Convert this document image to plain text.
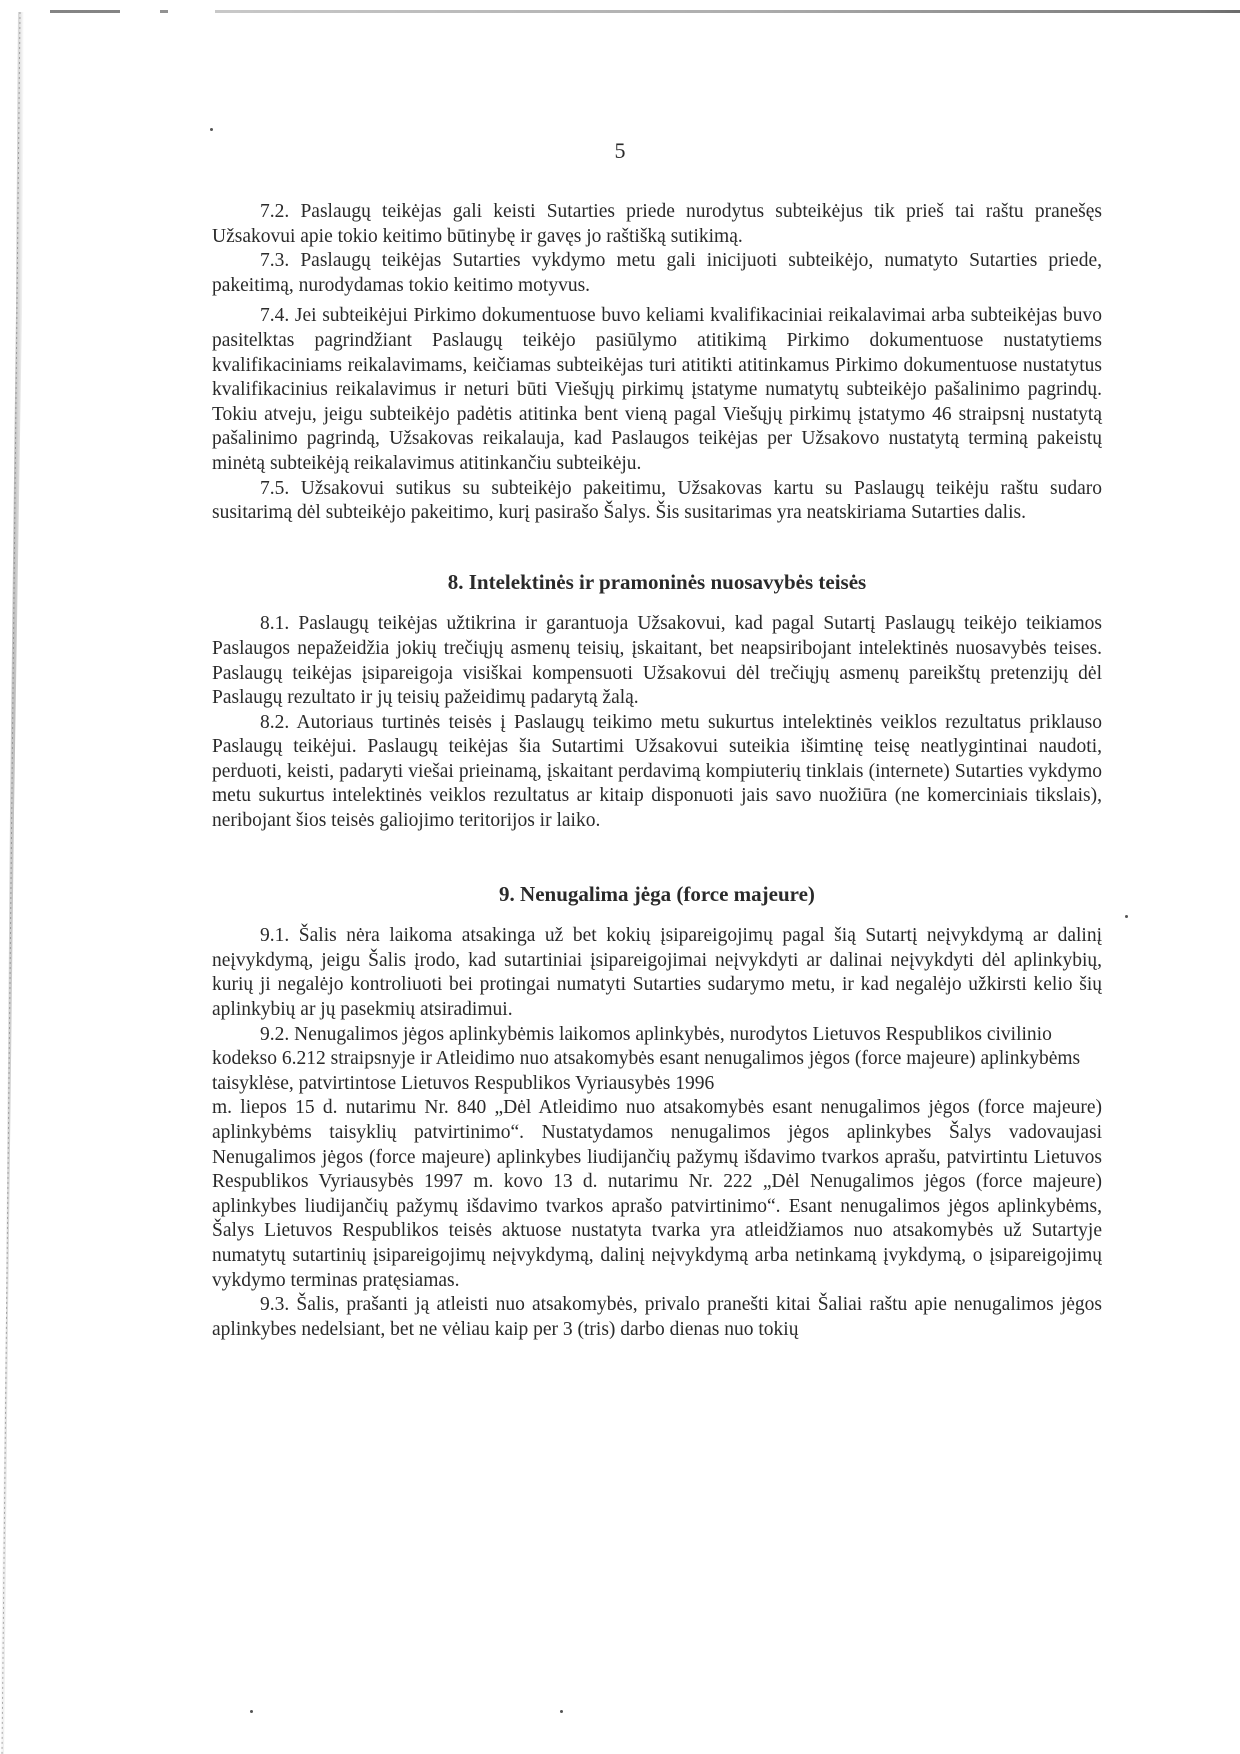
5

7.2. Paslaugų teikėjas gali keisti Sutarties priede nurodytus subteikėjus tik prieš tai raštu pranešęs Užsakovui apie tokio keitimo būtinybę ir gavęs jo raštišką sutikimą.

7.3. Paslaugų teikėjas Sutarties vykdymo metu gali inicijuoti subteikėjo, numatyto Sutarties priede, pakeitimą, nurodydamas tokio keitimo motyvus.

7.4. Jei subteikėjui Pirkimo dokumentuose buvo keliami kvalifikaciniai reikalavimai arba subteikėjas buvo pasitelktas pagrindžiant Paslaugų teikėjo pasiūlymo atitikimą Pirkimo dokumentuose nustatytiems kvalifikaciniams reikalavimams, keičiamas subteikėjas turi atitikti atitinkamus Pirkimo dokumentuose nustatytus kvalifikacinius reikalavimus ir neturi būti Viešųjų pirkimų įstatyme numatytų subteikėjo pašalinimo pagrindų. Tokiu atveju, jeigu subteikėjo padėtis atitinka bent vieną pagal Viešųjų pirkimų įstatymo 46 straipsnį nustatytą pašalinimo pagrindą, Užsakovas reikalauja, kad Paslaugos teikėjas per Užsakovo nustatytą terminą pakeistų minėtą subteikėją reikalavimus atitinkančiu subteikėju.

7.5. Užsakovui sutikus su subteikėjo pakeitimu, Užsakovas kartu su Paslaugų teikėju raštu sudaro susitarimą dėl subteikėjo pakeitimo, kurį pasirašo Šalys. Šis susitarimas yra neatskiriama Sutarties dalis.

8. Intelektinės ir pramoninės nuosavybės teisės

8.1. Paslaugų teikėjas užtikrina ir garantuoja Užsakovui, kad pagal Sutartį Paslaugų teikėjo teikiamos Paslaugos nepažeidžia jokių trečiųjų asmenų teisių, įskaitant, bet neapsiribojant intelektinės nuosavybės teises. Paslaugų teikėjas įsipareigoja visiškai kompensuoti Užsakovui dėl trečiųjų asmenų pareikštų pretenzijų dėl Paslaugų rezultato ir jų teisių pažeidimų padarytą žalą.

8.2. Autoriaus turtinės teisės į Paslaugų teikimo metu sukurtus intelektinės veiklos rezultatus priklauso Paslaugų teikėjui. Paslaugų teikėjas šia Sutartimi Užsakovui suteikia išimtinę teisę neatlygintinai naudoti, perduoti, keisti, padaryti viešai prieinamą, įskaitant perdavimą kompiuterių tinklais (internete) Sutarties vykdymo metu sukurtus intelektinės veiklos rezultatus ar kitaip disponuoti jais savo nuožiūra (ne komerciniais tikslais), neribojant šios teisės galiojimo teritorijos ir laiko.

9. Nenugalima jėga (force majeure)

9.1. Šalis nėra laikoma atsakinga už bet kokių įsipareigojimų pagal šią Sutartį neįvykdymą ar dalinį neįvykdymą, jeigu Šalis įrodo, kad sutartiniai įsipareigojimai neįvykdyti ar dalinai neįvykdyti dėl aplinkybių, kurių ji negalėjo kontroliuoti bei protingai numatyti Sutarties sudarymo metu, ir kad negalėjo užkirsti kelio šių aplinkybių ar jų pasekmių atsiradimui.

9.2. Nenugalimos jėgos aplinkybėmis laikomos aplinkybės, nurodytos Lietuvos Respublikos civilinio kodekso 6.212 straipsnyje ir Atleidimo nuo atsakomybės esant nenugalimos jėgos (force majeure) aplinkybėms taisyklėse, patvirtintose Lietuvos Respublikos Vyriausybės 1996

m. liepos 15 d. nutarimu Nr. 840 „Dėl Atleidimo nuo atsakomybės esant nenugalimos jėgos (force majeure) aplinkybėms taisyklių patvirtinimo“. Nustatydamos nenugalimos jėgos aplinkybes Šalys vadovaujasi Nenugalimos jėgos (force majeure) aplinkybes liudijančių pažymų išdavimo tvarkos aprašu, patvirtintu Lietuvos Respublikos Vyriausybės 1997 m. kovo 13 d. nutarimu Nr. 222 „Dėl Nenugalimos jėgos (force majeure) aplinkybes liudijančių pažymų išdavimo tvarkos aprašo patvirtinimo“. Esant nenugalimos jėgos aplinkybėms, Šalys Lietuvos Respublikos teisės aktuose nustatyta tvarka yra atleidžiamos nuo atsakomybės už Sutartyje numatytų sutartinių įsipareigojimų neįvykdymą, dalinį neįvykdymą arba netinkamą įvykdymą, o įsipareigojimų vykdymo terminas pratęsiamas.

9.3. Šalis, prašanti ją atleisti nuo atsakomybės, privalo pranešti kitai Šaliai raštu apie nenugalimos jėgos aplinkybes nedelsiant, bet ne vėliau kaip per 3 (tris) darbo dienas nuo tokių
